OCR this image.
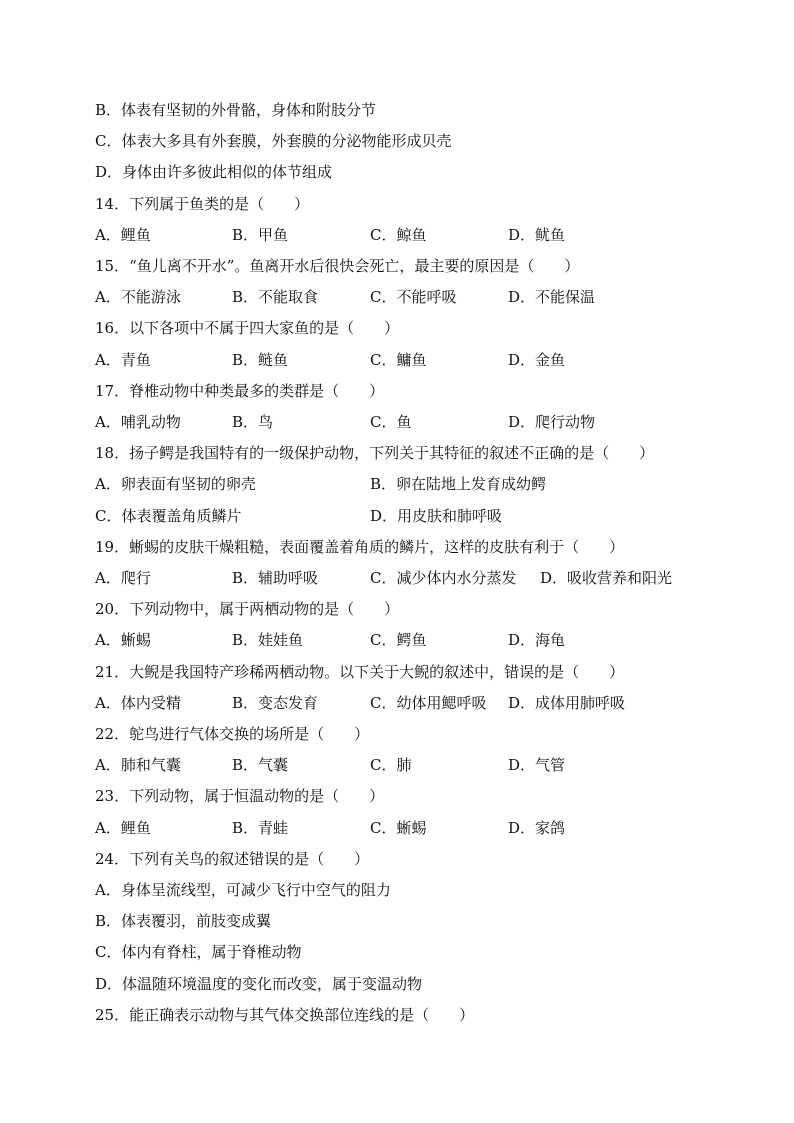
B．体表有坚韧的外骨骼，身体和附肢分节
C．体表大多具有外套膜，外套膜的分泌物能形成贝壳
D．身体由许多彼此相似的体节组成
14．下列属于鱼类的是（　　）
A．鲤鱼	B．甲鱼	C．鲸鱼	D．鱿鱼
15．“鱼儿离不开水”。鱼离开水后很快会死亡，最主要的原因是（　　）
A．不能游泳	B．不能取食	C．不能呼吸	D．不能保温
16．以下各项中不属于四大家鱼的是（　　）
A．青鱼	B．鲢鱼	C．鳙鱼	D．金鱼
17．脊椎动物中种类最多的类群是（　　）
A．哺乳动物	B．鸟	C．鱼	D．爬行动物
18．扬子鳄是我国特有的一级保护动物，下列关于其特征的叙述不正确的是（　　）
A．卵表面有坚韧的卵壳	B．卵在陆地上发育成幼鳄
C．体表覆盖角质鳞片	D．用皮肤和肺呼吸
19．蜥蜴的皮肤干燥粗糙，表面覆盖着角质的鳞片，这样的皮肤有利于（　　）
A．爬行	B．辅助呼吸	C．减少体内水分蒸发 D．吸收营养和阳光
20．下列动物中，属于两栖动物的是（　　）
A．蜥蜴	B．娃娃鱼	C．鳄鱼	D．海龟
21．大鲵是我国特产珍稀两栖动物。以下关于大鲵的叙述中，错误的是（　　）
A．体内受精	B．变态发育	C．幼体用鳃呼吸 D．成体用肺呼吸
22．鸵鸟进行气体交换的场所是（　　）
A．肺和气囊	B．气囊	C．肺	D．气管
23．下列动物，属于恒温动物的是（　　）
A．鲤鱼	B．青蛙	C．蜥蜴	D．家鸽
24．下列有关鸟的叙述错误的是（　　）
A．身体呈流线型，可减少飞行中空气的阻力
B．体表覆羽，前肢变成翼
C．体内有脊柱，属于脊椎动物
D．体温随环境温度的变化而改变，属于变温动物
25．能正确表示动物与其气体交换部位连线的是（　　）
